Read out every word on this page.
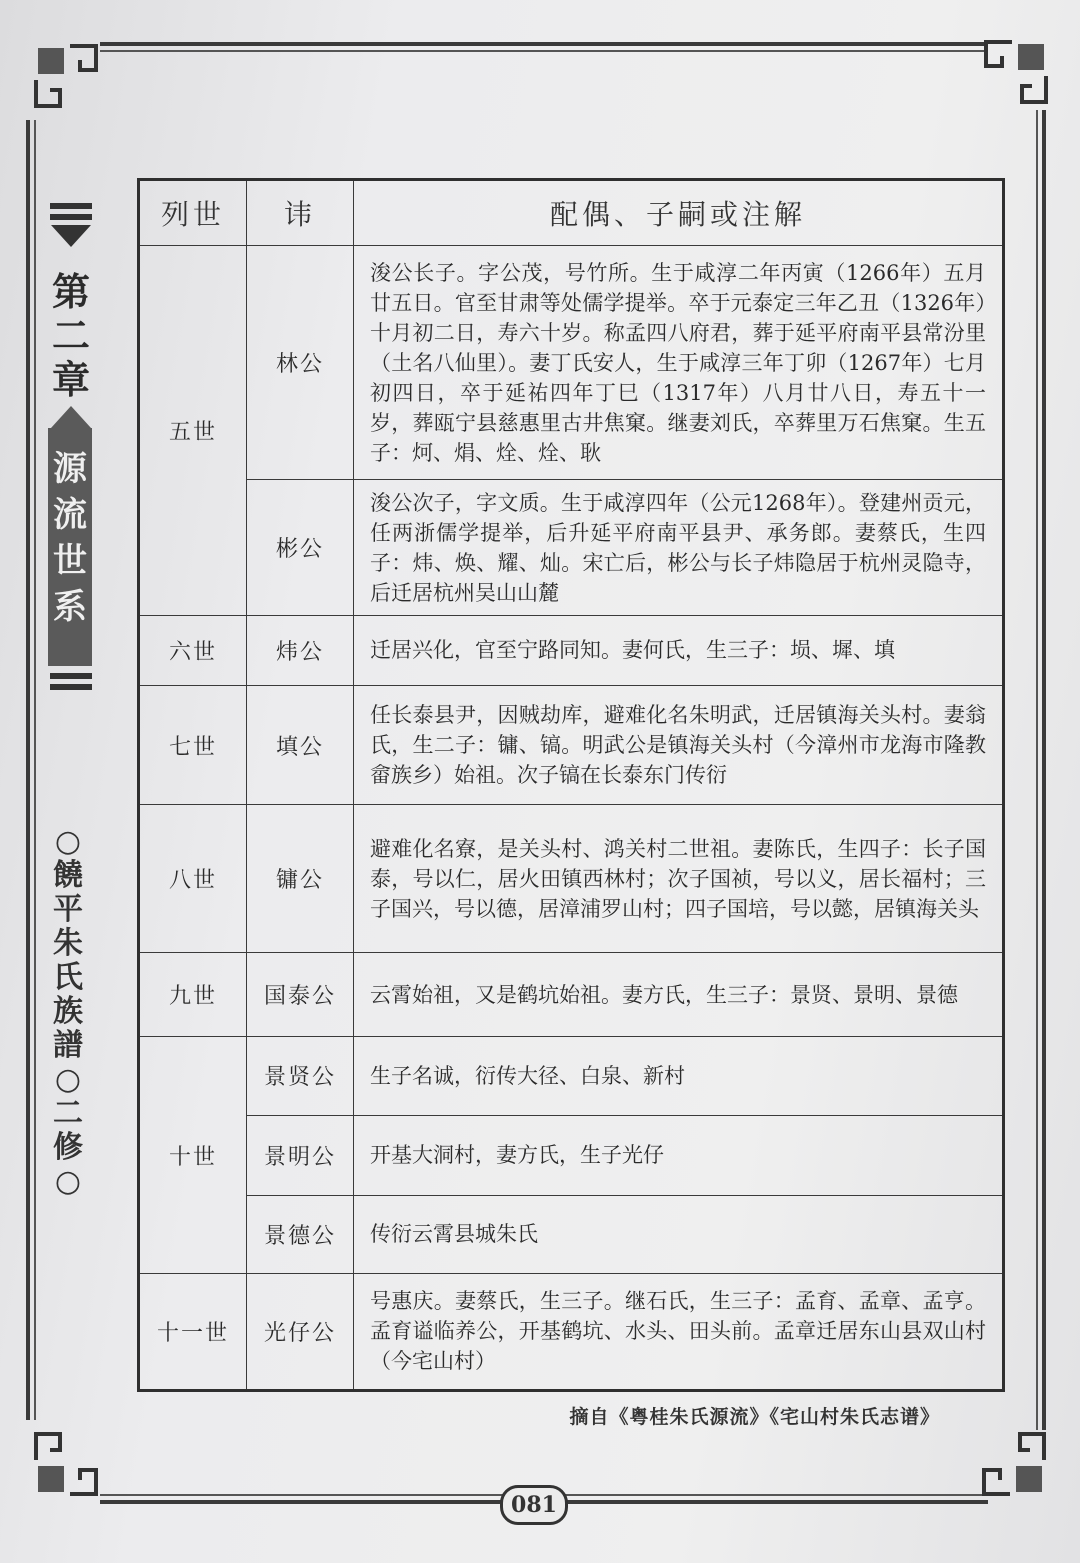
第二章
源流世系
○饒平朱氏族譜○二修○
列世	讳	配偶、子嗣或注解
五世	林公	浚公长子。字公茂，号竹所。生于咸淳二年丙寅（1266年）五月廿五日。官至甘肃等处儒学提举。卒于元泰定三年乙丑（1326年）十月初二日，寿六十岁。称孟四八府君，葬于延平府南平县常汾里（土名八仙里）。妻丁氏安人，生于咸淳三年丁卯（1267年）七月初四日，卒于延祐四年丁巳（1317年）八月廿八日，寿五十一岁，葬瓯宁县慈惠里古井焦窠。继妻刘氏，卒葬里万石焦窠。生五子：炣、焆、烇、烇、耿
	彬公	浚公次子，字文质。生于咸淳四年（公元1268年）。登建州贡元，任两浙儒学提举，后升延平府南平县尹、承务郎。妻蔡氏，生四子：炜、焕、耀、灿。宋亡后，彬公与长子炜隐居于杭州灵隐寺，后迁居杭州吴山山麓
六世	炜公	迁居兴化，官至宁路同知。妻何氏，生三子：埙、墀、填
七世	填公	任长泰县尹，因贼劫库，避难化名朱明武，迁居镇海关头村。妻翁氏，生二子：镛、镐。明武公是镇海关头村（今漳州市龙海市隆教畲族乡）始祖。次子镐在长泰东门传衍
八世	镛公	避难化名寮，是关头村、鸿关村二世祖。妻陈氏，生四子：长子国泰，号以仁，居火田镇西林村；次子国祯，号以义，居长福村；三子国兴，号以德，居漳浦罗山村；四子国培，号以懿，居镇海关头
九世	国泰公	云霄始祖，又是鹤坑始祖。妻方氏，生三子：景贤、景明、景德
十世	景贤公	生子名诚，衍传大径、白泉、新村
	景明公	开基大洞村，妻方氏，生子光仔
	景德公	传衍云霄县城朱氏
十一世	光仔公	号惠庆。妻蔡氏，生三子。继石氏，生三子：孟育、孟章、孟亨。孟育谥临养公，开基鹤坑、水头、田头前。孟章迁居东山县双山村（今宅山村）
摘自《粤桂朱氏源流》《宅山村朱氏志谱》
081
